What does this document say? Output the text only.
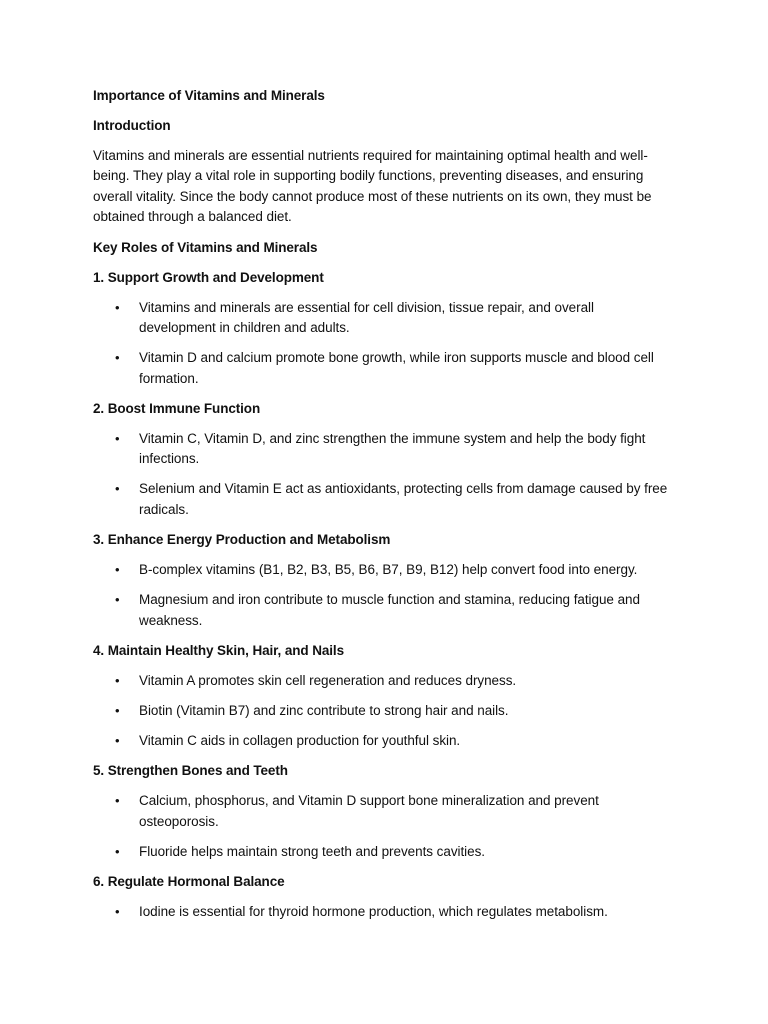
Importance of Vitamins and Minerals
Introduction

Vitamins and minerals are essential nutrients required for maintaining optimal health and well-being. They play a vital role in supporting bodily functions, preventing diseases, and ensuring overall vitality. Since the body cannot produce most of these nutrients on its own, they must be obtained through a balanced diet.

Key Roles of Vitamins and Minerals
1. Support Growth and Development
• Vitamins and minerals are essential for cell division, tissue repair, and overall development in children and adults.
• Vitamin D and calcium promote bone growth, while iron supports muscle and blood cell formation.
2. Boost Immune Function
• Vitamin C, Vitamin D, and zinc strengthen the immune system and help the body fight infections.
• Selenium and Vitamin E act as antioxidants, protecting cells from damage caused by free radicals.
3. Enhance Energy Production and Metabolism
• B-complex vitamins (B1, B2, B3, B5, B6, B7, B9, B12) help convert food into energy.
• Magnesium and iron contribute to muscle function and stamina, reducing fatigue and weakness.
4. Maintain Healthy Skin, Hair, and Nails
• Vitamin A promotes skin cell regeneration and reduces dryness.
• Biotin (Vitamin B7) and zinc contribute to strong hair and nails.
• Vitamin C aids in collagen production for youthful skin.
5. Strengthen Bones and Teeth
• Calcium, phosphorus, and Vitamin D support bone mineralization and prevent osteoporosis.
• Fluoride helps maintain strong teeth and prevents cavities.
6. Regulate Hormonal Balance
• Iodine is essential for thyroid hormone production, which regulates metabolism.
